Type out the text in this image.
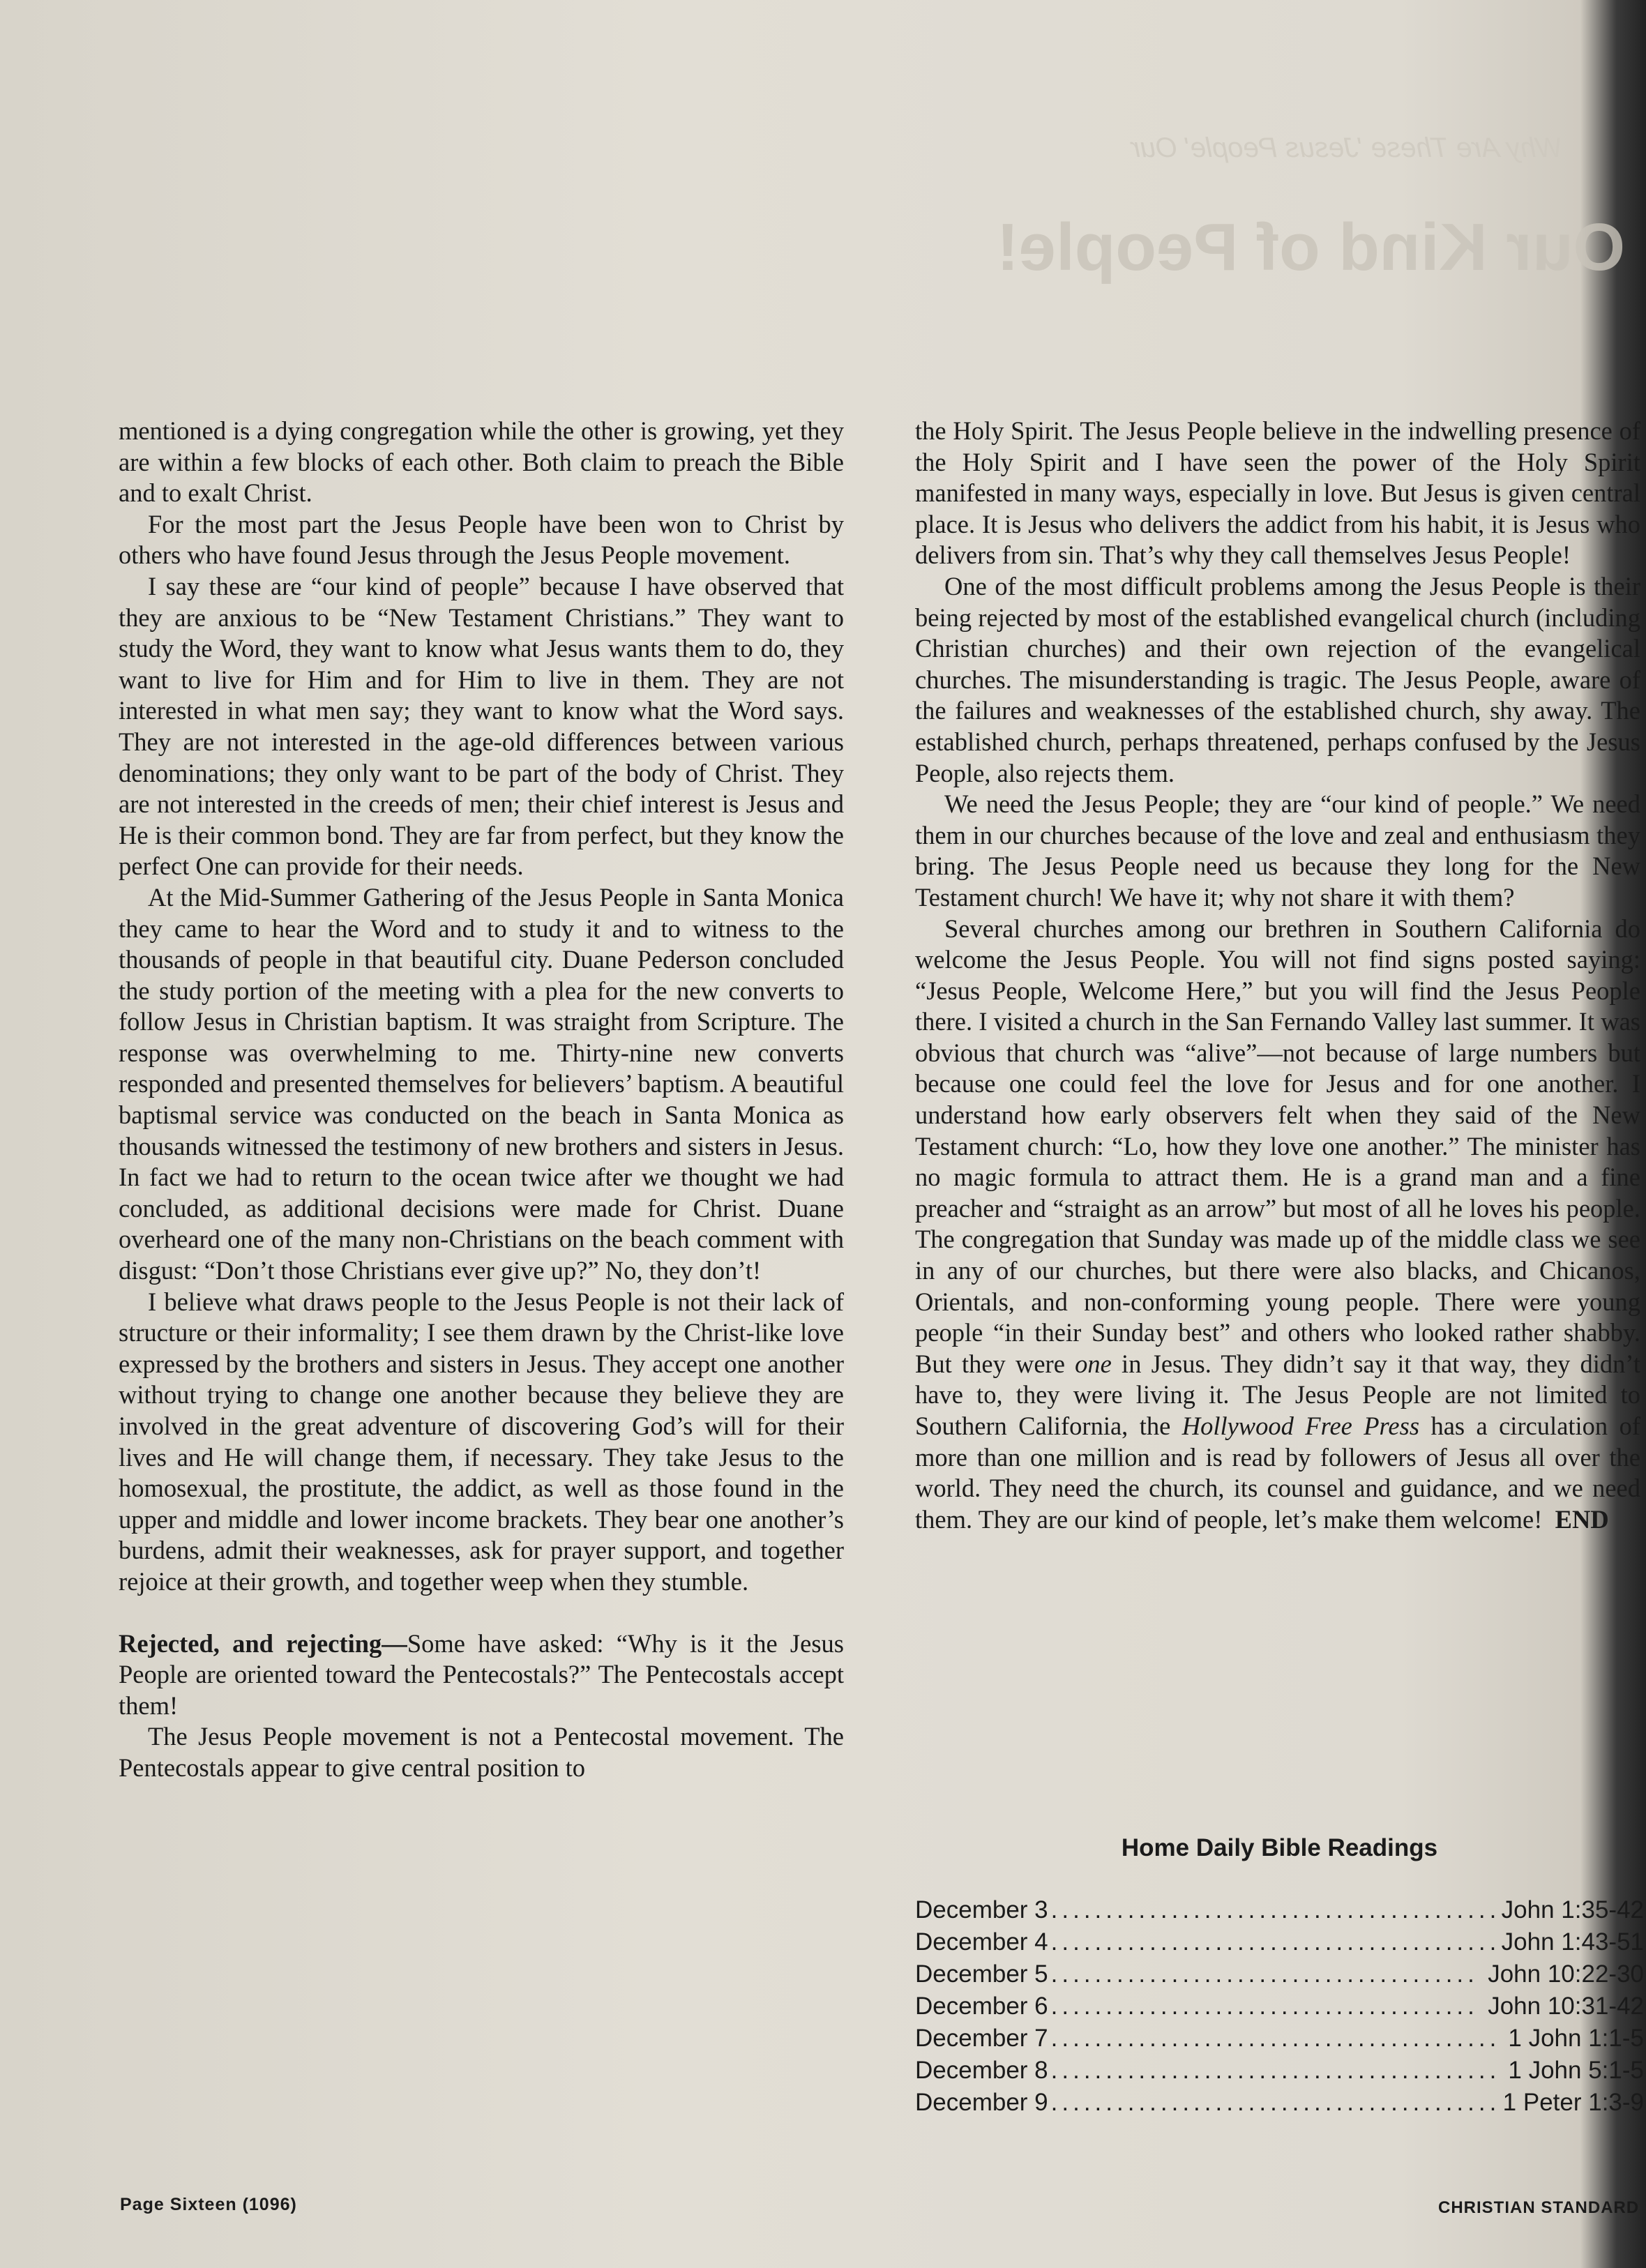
Why Are These 'Jesus People' Our
Our Kind of People!

mentioned is a dying congregation while the other is growing, yet they are within a few blocks of each other. Both claim to preach the Bible and to exalt Christ.

For the most part the Jesus People have been won to Christ by others who have found Jesus through the Jesus People movement.

I say these are “our kind of people” because I have observed that they are anxious to be “New Testament Christians.” They want to study the Word, they want to know what Jesus wants them to do, they want to live for Him and for Him to live in them. They are not interested in what men say; they want to know what the Word says. They are not interested in the age-old differences between various denominations; they only want to be part of the body of Christ. They are not interested in the creeds of men; their chief interest is Jesus and He is their common bond. They are far from perfect, but they know the perfect One can provide for their needs.

At the Mid-Summer Gathering of the Jesus People in Santa Monica they came to hear the Word and to study it and to witness to the thousands of people in that beautiful city. Duane Pederson concluded the study portion of the meeting with a plea for the new converts to follow Jesus in Christian baptism. It was straight from Scripture. The response was overwhelming to me. Thirty-nine new converts responded and presented themselves for believers’ baptism. A beautiful baptismal service was conducted on the beach in Santa Monica as thousands witnessed the testimony of new brothers and sisters in Jesus. In fact we had to return to the ocean twice after we thought we had concluded, as additional decisions were made for Christ. Duane overheard one of the many non-Christians on the beach comment with disgust: “Don’t those Christians ever give up?” No, they don’t!

I believe what draws people to the Jesus People is not their lack of structure or their informality; I see them drawn by the Christ-like love expressed by the brothers and sisters in Jesus. They accept one another without trying to change one another because they believe they are involved in the great adventure of discovering God’s will for their lives and He will change them, if necessary. They take Jesus to the homosexual, the prostitute, the addict, as well as those found in the upper and middle and lower income brackets. They bear one another’s burdens, admit their weaknesses, ask for prayer support, and together rejoice at their growth, and together weep when they stumble.

Rejected, and rejecting—Some have asked: “Why is it the Jesus People are oriented toward the Pentecostals?” The Pentecostals accept them!

The Jesus People movement is not a Pentecostal movement. The Pentecostals appear to give central position to

the Holy Spirit. The Jesus People believe in the indwelling presence of the Holy Spirit and I have seen the power of the Holy Spirit manifested in many ways, especially in love. But Jesus is given central place. It is Jesus who delivers the addict from his habit, it is Jesus who delivers from sin. That’s why they call themselves Jesus People!

One of the most difficult problems among the Jesus People is their being rejected by most of the established evangelical church (including Christian churches) and their own rejection of the evangelical churches. The misunderstanding is tragic. The Jesus People, aware of the failures and weaknesses of the established church, shy away. The established church, perhaps threatened, perhaps confused by the Jesus People, also rejects them.

We need the Jesus People; they are “our kind of people.” We need them in our churches because of the love and zeal and enthusiasm they bring. The Jesus People need us because they long for the New Testament church! We have it; why not share it with them?

Several churches among our brethren in Southern California do welcome the Jesus People. You will not find signs posted saying: “Jesus People, Welcome Here,” but you will find the Jesus People there. I visited a church in the San Fernando Valley last summer. It was obvious that church was “alive”—not because of large numbers but because one could feel the love for Jesus and for one another. I understand how early observers felt when they said of the New Testament church: “Lo, how they love one another.” The minister has no magic formula to attract them. He is a grand man and a fine preacher and “straight as an arrow” but most of all he loves his people. The congregation that Sunday was made up of the middle class we see in any of our churches, but there were also blacks, and Chicanos, Orientals, and non-conforming young people. There were young people “in their Sunday best” and others who looked rather shabby. But they were one in Jesus. They didn’t say it that way, they didn’t have to, they were living it. The Jesus People are not limited to Southern California, the Hollywood Free Press has a circulation of more than one million and is read by followers of Jesus all over the world. They need the church, its counsel and guidance, and we need them. They are our kind of people, let’s make them welcome! END

Home Daily Bible Readings
December 3 .....	John 1:35-42
December 4 .....	John 1:43-51
December 5 .....	John 10:22-30
December 6 .....	John 10:31-42
December 7 .....	1 John 1:1-5
December 8 .....	1 John 5:1-5
December 9 .....	1 Peter 1:3-9
Page Sixteen (1096)	CHRISTIAN STANDARD
